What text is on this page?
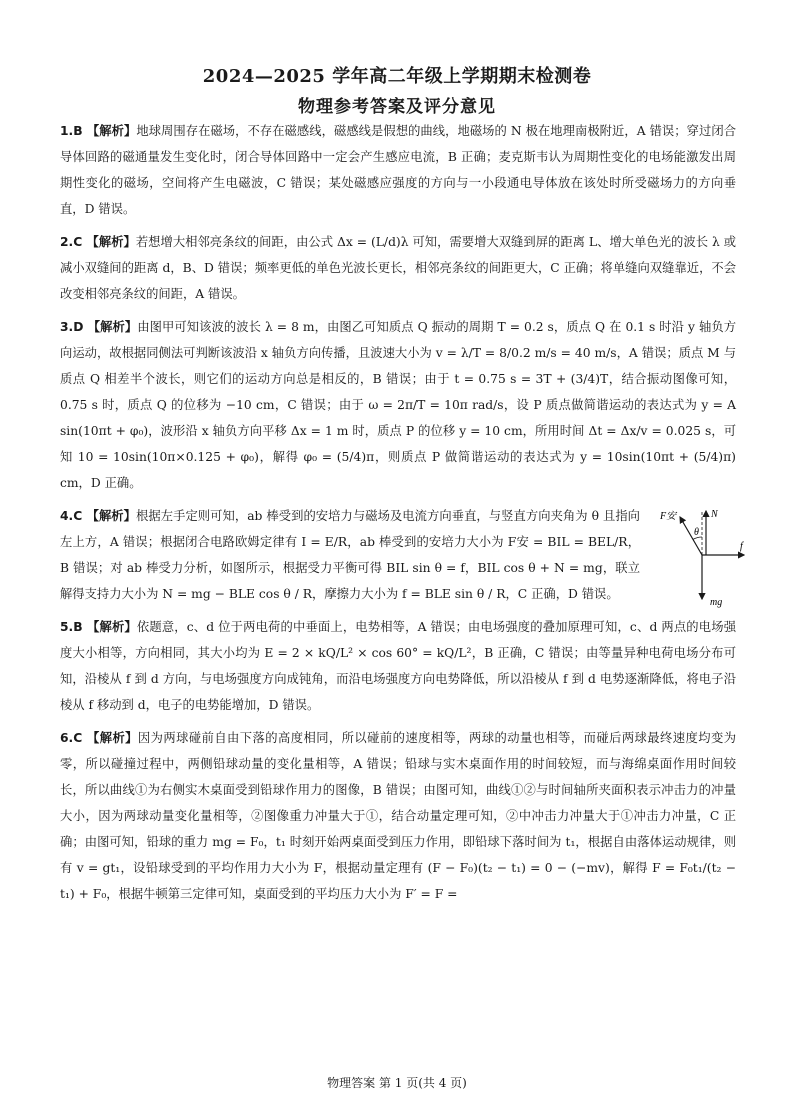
2024—2025 学年高二年级上学期期末检测卷
物理参考答案及评分意见

1.B 【解析】地球周围存在磁场，不存在磁感线，磁感线是假想的曲线，地磁场的 N 极在地理南极附近，A 错误；穿过闭合导体回路的磁通量发生变化时，闭合导体回路中一定会产生感应电流，B 正确；麦克斯韦认为周期性变化的电场能激发出周期性变化的磁场，空间将产生电磁波，C 错误；某处磁感应强度的方向与一小段通电导体放在该处时所受磁场力的方向垂直，D 错误。

2.C 【解析】若想增大相邻亮条纹的间距，由公式 Δx = (L/d)λ 可知，需要增大双缝到屏的距离 L、增大单色光的波长 λ 或减小双缝间的距离 d，B、D 错误；频率更低的单色光波长更长，相邻亮条纹的间距更大，C 正确；将单缝向双缝靠近，不会改变相邻亮条纹的间距，A 错误。

3.D 【解析】由图甲可知该波的波长 λ = 8 m，由图乙可知质点 Q 振动的周期 T = 0.2 s，质点 Q 在 0.1 s 时沿 y 轴负方向运动，故根据同侧法可判断该波沿 x 轴负方向传播，且波速大小为 v = λ/T = 8/0.2 m/s = 40 m/s，A 错误；质点 M 与质点 Q 相差半个波长，则它们的运动方向总是相反的，B 错误；由于 t = 0.75 s = 3T + (3/4)T，结合振动图像可知，0.75 s 时，质点 Q 的位移为 −10 cm，C 错误；由于 ω = 2π/T = 10π rad/s，设 P 质点做简谐运动的表达式为 y = A sin(10πt + φ₀)，波形沿 x 轴负方向平移 Δx = 1 m 时，质点 P 的位移 y = 10 cm，所用时间 Δt = Δx/v = 0.025 s，可知 10 = 10sin(10π×0.125 + φ₀)，解得 φ₀ = (5/4)π，则质点 P 做简谐运动的表达式为 y = 10sin(10πt + (5/4)π) cm，D 正确。

4.C 【解析】根据左手定则可知，ab 棒受到的安培力与磁场及电流方向垂直，与竖直方向夹角为 θ 且指向左上方，A 错误；根据闭合电路欧姆定律有 I = E/R，ab 棒受到的安培力大小为 F安 = BIL = BEL/R，B 错误；对 ab 棒受力分析，如图所示，根据受力平衡可得 BIL sin θ = f，BIL cos θ + N = mg，联立解得支持力大小为 N = mg − BLE cos θ / R，摩擦力大小为 f = BLE sin θ / R，C 正确，D 错误。
F安	N
θ
f
mg

5.B 【解析】依题意，c、d 位于两电荷的中垂面上，电势相等，A 错误；由电场强度的叠加原理可知，c、d 两点的电场强度大小相等，方向相同，其大小均为 E = 2 × kQ/L² × cos 60° = kQ/L²，B 正确，C 错误；由等量异种电荷电场分布可知，沿棱从 f 到 d 方向，与电场强度方向成钝角，而沿电场强度方向电势降低，所以沿棱从 f 到 d 电势逐渐降低，将电子沿棱从 f 移动到 d，电子的电势能增加，D 错误。

6.C 【解析】因为两球碰前自由下落的高度相同，所以碰前的速度相等，两球的动量也相等，而碰后两球最终速度均变为零，所以碰撞过程中，两侧铅球动量的变化量相等，A 错误；铅球与实木桌面作用的时间较短，而与海绵桌面作用时间较长，所以曲线①为右侧实木桌面受到铅球作用力的图像，B 错误；由图可知，曲线①②与时间轴所夹面积表示冲击力的冲量大小，因为两球动量变化量相等，②图像重力冲量大于①，结合动量定理可知，②中冲击力冲量大于①冲击力冲量，C 正确；由图可知，铅球的重力 mg = F₀，t₁ 时刻开始两桌面受到压力作用，即铅球下落时间为 t₁，根据自由落体运动规律，则有 v = gt₁，设铅球受到的平均作用力大小为 F，根据动量定理有 (F − F₀)(t₂ − t₁) = 0 − (−mv)，解得 F = F₀t₁/(t₂ − t₁) + F₀，根据牛顿第三定律可知，桌面受到的平均压力大小为 F′ = F =

物理答案 第 1 页(共 4 页)
